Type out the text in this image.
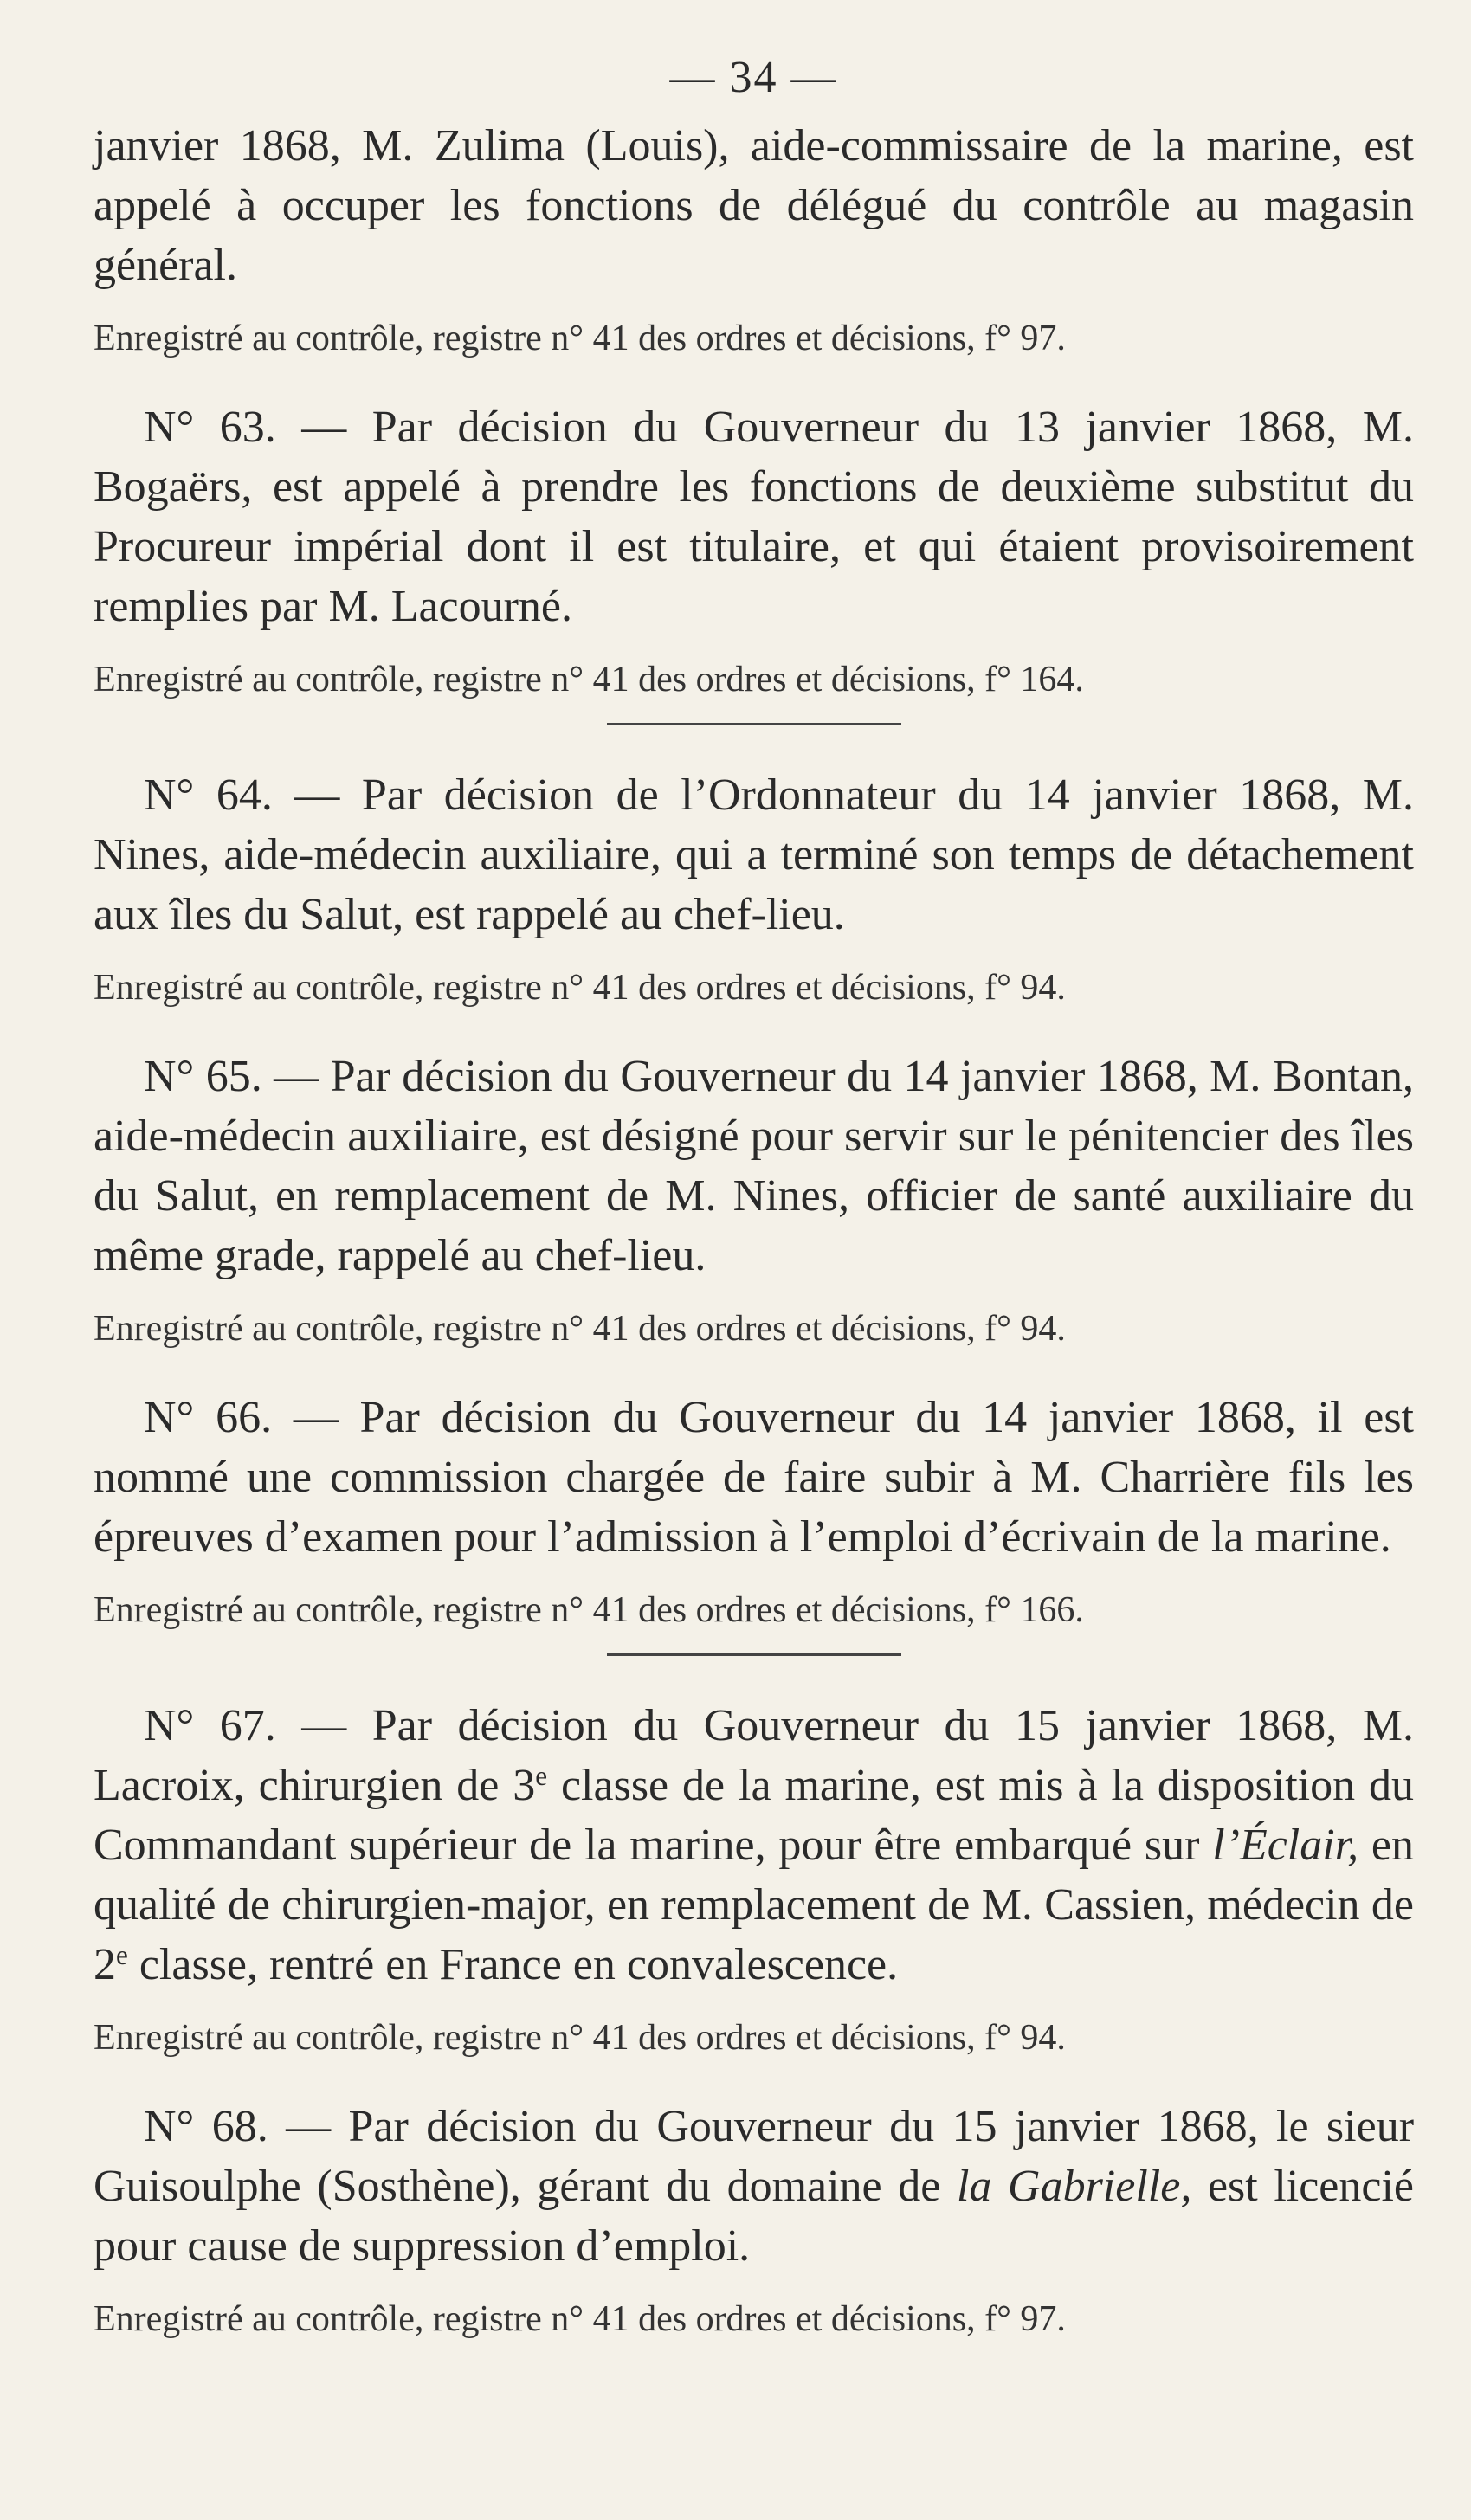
— 34 —

janvier 1868, M. Zulima (Louis), aide-commissaire de la marine, est appelé à occuper les fonctions de délégué du contrôle au magasin général.

Enregistré au contrôle, registre n° 41 des ordres et décisions, f° 97.

N° 63. — Par décision du Gouverneur du 13 janvier 1868, M. Bogaërs, est appelé à prendre les fonctions de deuxième substitut du Procureur impérial dont il est titulaire, et qui étaient provisoirement remplies par M. Lacourné.

Enregistré au contrôle, registre n° 41 des ordres et décisions, f° 164.

N° 64. — Par décision de l’Ordonnateur du 14 janvier 1868, M. Nines, aide-médecin auxiliaire, qui a terminé son temps de détachement aux îles du Salut, est rappelé au chef-lieu.

Enregistré au contrôle, registre n° 41 des ordres et décisions, f° 94.

N° 65. — Par décision du Gouverneur du 14 janvier 1868, M. Bontan, aide-médecin auxiliaire, est désigné pour servir sur le pénitencier des îles du Salut, en remplacement de M. Nines, officier de santé auxiliaire du même grade, rappelé au chef-lieu.

Enregistré au contrôle, registre n° 41 des ordres et décisions, f° 94.

N° 66. — Par décision du Gouverneur du 14 janvier 1868, il est nommé une commission chargée de faire subir à M. Charrière fils les épreuves d’examen pour l’admission à l’emploi d’écrivain de la marine.

Enregistré au contrôle, registre n° 41 des ordres et décisions, f° 166.

N° 67. — Par décision du Gouverneur du 15 janvier 1868, M. Lacroix, chirurgien de 3e classe de la marine, est mis à la disposition du Commandant supérieur de la marine, pour être embarqué sur l’Éclair, en qualité de chirurgien-major, en remplacement de M. Cassien, médecin de 2e classe, rentré en France en convalescence.

Enregistré au contrôle, registre n° 41 des ordres et décisions, f° 94.

N° 68. — Par décision du Gouverneur du 15 janvier 1868, le sieur Guisoulphe (Sosthène), gérant du domaine de la Gabrielle, est licencié pour cause de suppression d’emploi.

Enregistré au contrôle, registre n° 41 des ordres et décisions, f° 97.
